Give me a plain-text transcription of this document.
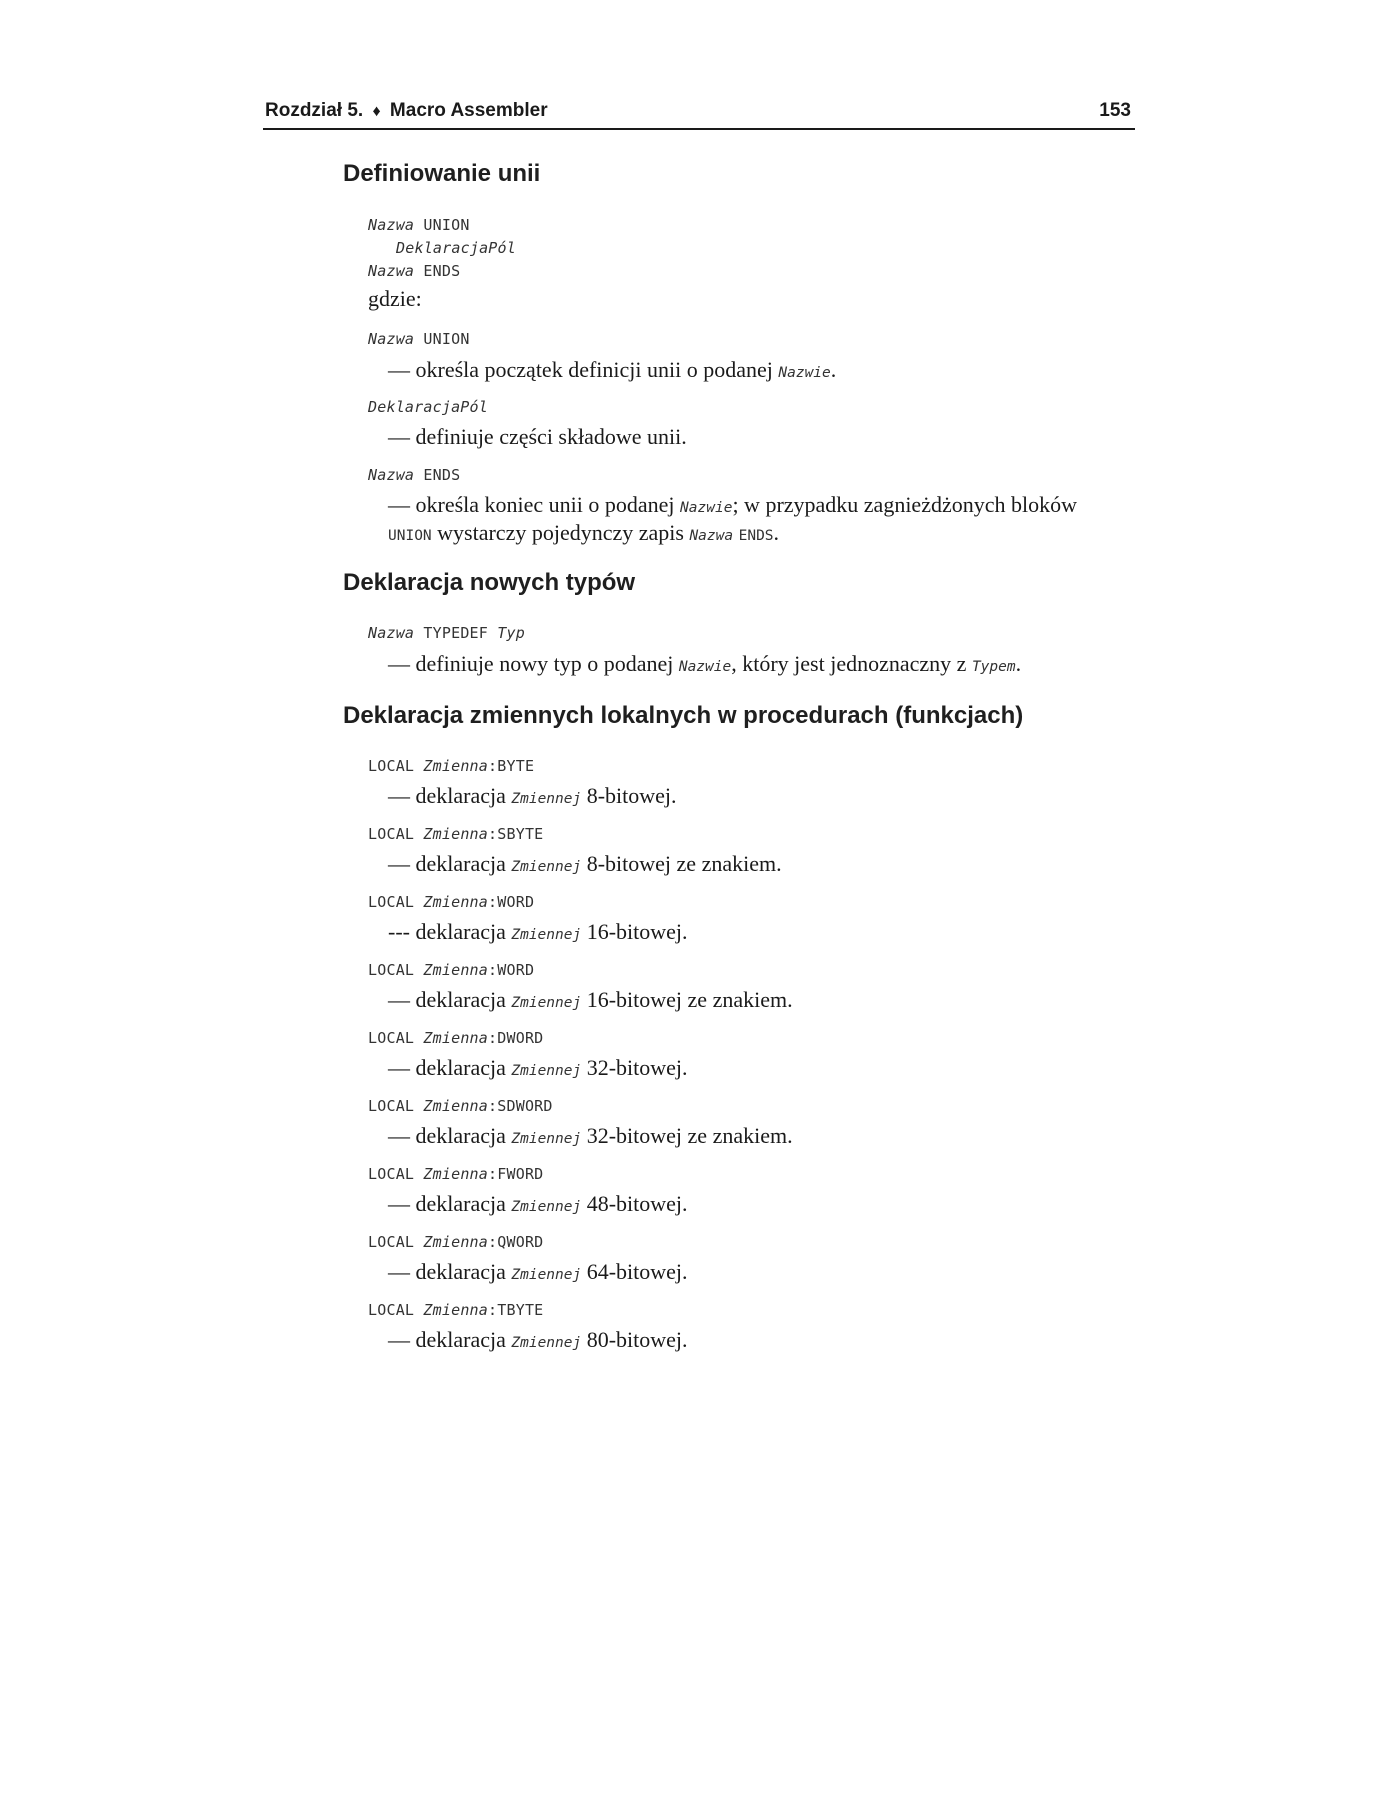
Rozdział 5. ♦ Macro Assembler	153
Definiowanie unii

Nazwa UNION

DeklaracjaPól

Nazwa ENDS

gdzie:

Nazwa UNION

— określa początek definicji unii o podanej Nazwie.

DeklaracjaPól

— definiuje części składowe unii.

Nazwa ENDS

— określa koniec unii o podanej Nazwie; w przypadku zagnieżdżonych bloków

UNION wystarczy pojedynczy zapis Nazwa ENDS.

Deklaracja nowych typów

Nazwa TYPEDEF Typ

— definiuje nowy typ o podanej Nazwie, który jest jednoznaczny z Typem.

Deklaracja zmiennych lokalnych w procedurach (funkcjach)

LOCAL Zmienna:BYTE

— deklaracja Zmiennej 8-bitowej.

LOCAL Zmienna:SBYTE

— deklaracja Zmiennej 8-bitowej ze znakiem.

LOCAL Zmienna:WORD

--- deklaracja Zmiennej 16-bitowej.

LOCAL Zmienna:WORD

— deklaracja Zmiennej 16-bitowej ze znakiem.

LOCAL Zmienna:DWORD

— deklaracja Zmiennej 32-bitowej.

LOCAL Zmienna:SDWORD

— deklaracja Zmiennej 32-bitowej ze znakiem.

LOCAL Zmienna:FWORD

— deklaracja Zmiennej 48-bitowej.

LOCAL Zmienna:QWORD

— deklaracja Zmiennej 64-bitowej.

LOCAL Zmienna:TBYTE

— deklaracja Zmiennej 80-bitowej.
